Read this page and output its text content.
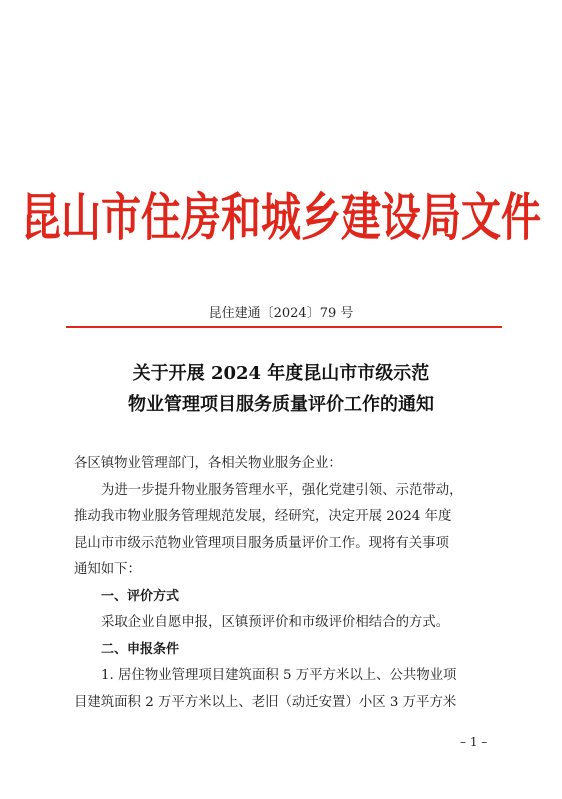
昆山市住房和城乡建设局文件
昆住建通〔2024〕79 号
关于开展 2024 年度昆山市市级示范
物业管理项目服务质量评价工作的通知

各区镇物业管理部门，各相关物业服务企业：

为进一步提升物业服务管理水平，强化党建引领、示范带动，

推动我市物业服务管理规范发展，经研究，决定开展 2024 年度

昆山市市级示范物业管理项目服务质量评价工作。现将有关事项

通知如下：

一、评价方式

采取企业自愿申报，区镇预评价和市级评价相结合的方式。

二、申报条件

1. 居住物业管理项目建筑面积 5 万平方米以上、公共物业项

目建筑面积 2 万平方米以上、老旧（动迁安置）小区 3 万平方米

– 1 –
